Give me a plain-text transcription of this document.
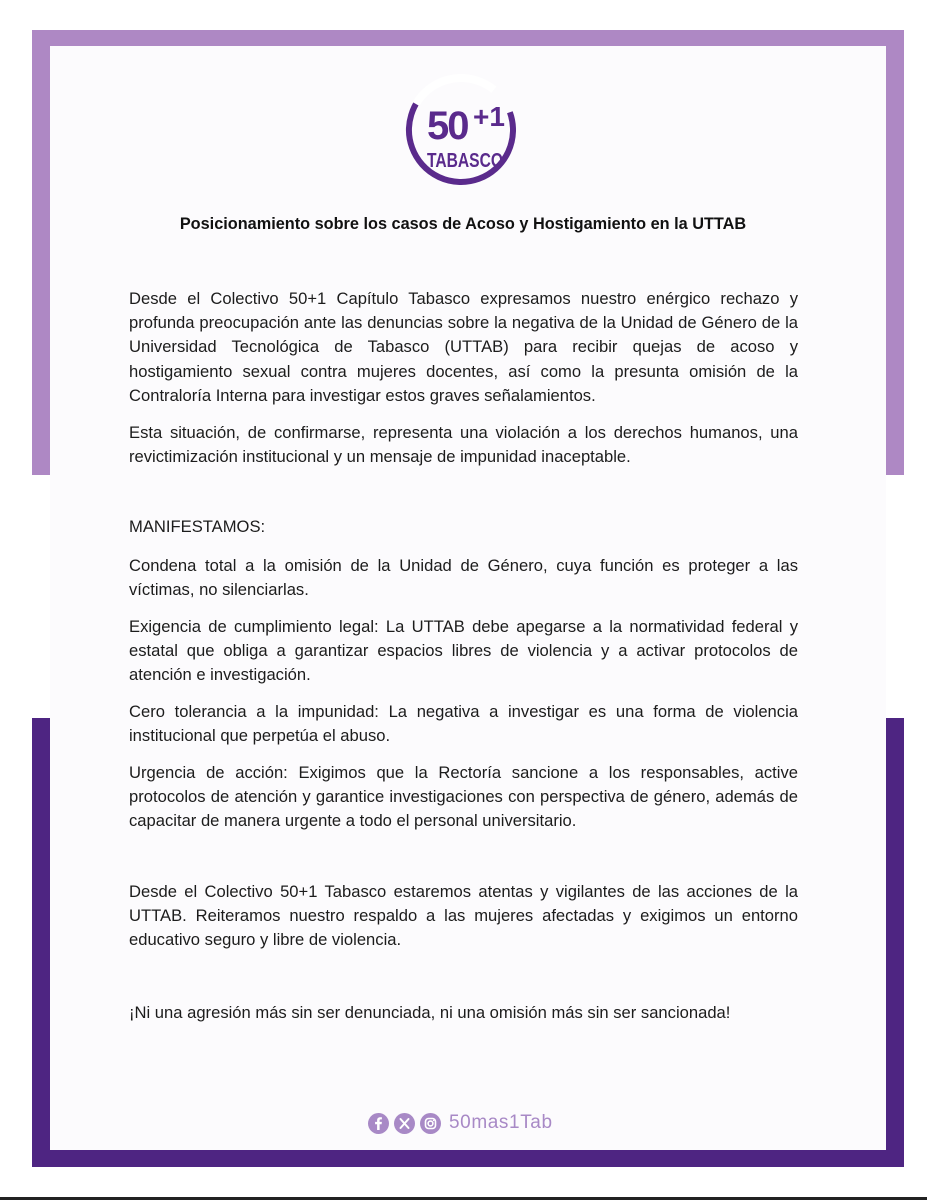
50 +1
TABASCO
Posicionamiento sobre los casos de Acoso y Hostigamiento en la UTTAB

Desde el Colectivo 50+1 Capítulo Tabasco expresamos nuestro enérgico rechazo y profunda preocupación ante las denuncias sobre la negativa de la Unidad de Género de la Universidad Tecnológica de Tabasco (UTTAB) para recibir quejas de acoso y hostigamiento sexual contra mujeres docentes, así como la presunta omisión de la Contraloría Interna para investigar estos graves señalamientos.

Esta situación, de confirmarse, representa una violación a los derechos humanos, una revictimización institucional y un mensaje de impunidad inaceptable.

MANIFESTAMOS:

Condena total a la omisión de la Unidad de Género, cuya función es proteger a las víctimas, no silenciarlas.

Exigencia de cumplimiento legal: La UTTAB debe apegarse a la normatividad federal y estatal que obliga a garantizar espacios libres de violencia y a activar protocolos de atención e investigación.

Cero tolerancia a la impunidad: La negativa a investigar es una forma de violencia institucional que perpetúa el abuso.

Urgencia de acción: Exigimos que la Rectoría sancione a los responsables, active protocolos de atención y garantice investigaciones con perspectiva de género, además de capacitar de manera urgente a todo el personal universitario.

Desde el Colectivo 50+1 Tabasco estaremos atentas y vigilantes de las acciones de la UTTAB. Reiteramos nuestro respaldo a las mujeres afectadas y exigimos un entorno educativo seguro y libre de violencia.

¡Ni una agresión más sin ser denunciada, ni una omisión más sin ser sancionada!

50mas1Tab
